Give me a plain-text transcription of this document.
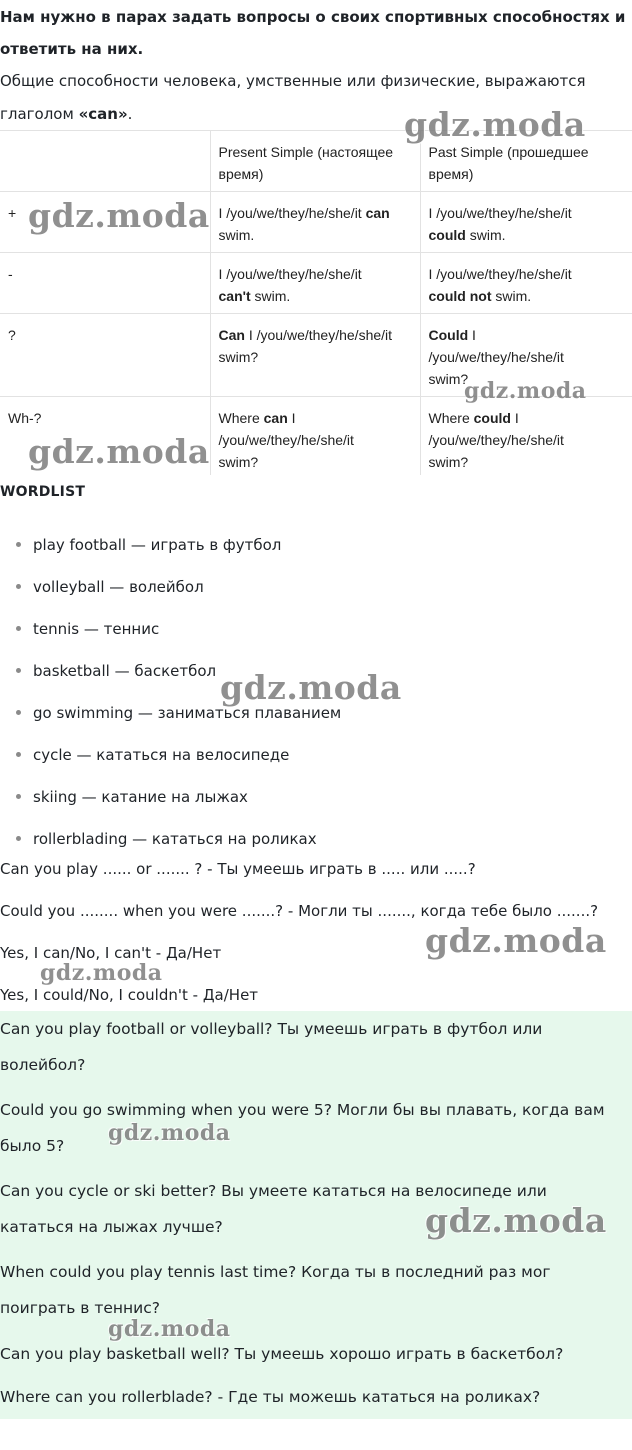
Нам нужно в парах задать вопросы о своих спортивных способностях и

ответить на них.

Общие способности человека, умственные или физические, выражаются

глаголом «can».

	Present Simple (настоящее
время)	Past Simple (прошедшее
время)
+	I /you/we/they/he/she/it can
swim.	I /you/we/they/he/she/it
could swim.
-	I /you/we/they/he/she/it
can't swim.	I /you/we/they/he/she/it
could not swim.
?	Can I /you/we/they/he/she/it
swim?	Could I
/you/we/they/he/she/it
swim?
Wh-?	Where can I
/you/we/they/he/she/it
swim?	Where could I
/you/we/they/he/she/it
swim?
WORDLIST
play football — играть в футбол
volleyball — волейбол
tennis — теннис
basketball — баскетбол
go swimming — заниматься плаванием
cycle — кататься на велосипеде
skiing — катание на лыжах
rollerblading — кататься на роликах

Can you play ...... or ....... ? - Ты умеешь играть в ..... или .....?

Could you ........ when you were .......? - Могли ты ......., когда тебе было .......?

Yes, I can/No, I can't - Да/Нет

Yes, I could/No, I couldn't - Да/Нет

Can you play football or volleyball? Ты умеешь играть в футбол или

волейбол?

Could you go swimming when you were 5? Могли бы вы плавать, когда вам

было 5?

Can you cycle or ski better? Вы умеете кататься на велосипеде или

кататься на лыжах лучше?

When could you play tennis last time? Когда ты в последний раз мог

поиграть в теннис?

Can you play basketball well? Ты умеешь хорошо играть в баскетбол?

Where can you rollerblade? - Где ты можешь кататься на роликах?

gdz.moda
gdz.moda
gdz.moda
gdz.moda
gdz.moda
gdz.moda
gdz.moda
gdz.moda
gdz.moda
gdz.moda
